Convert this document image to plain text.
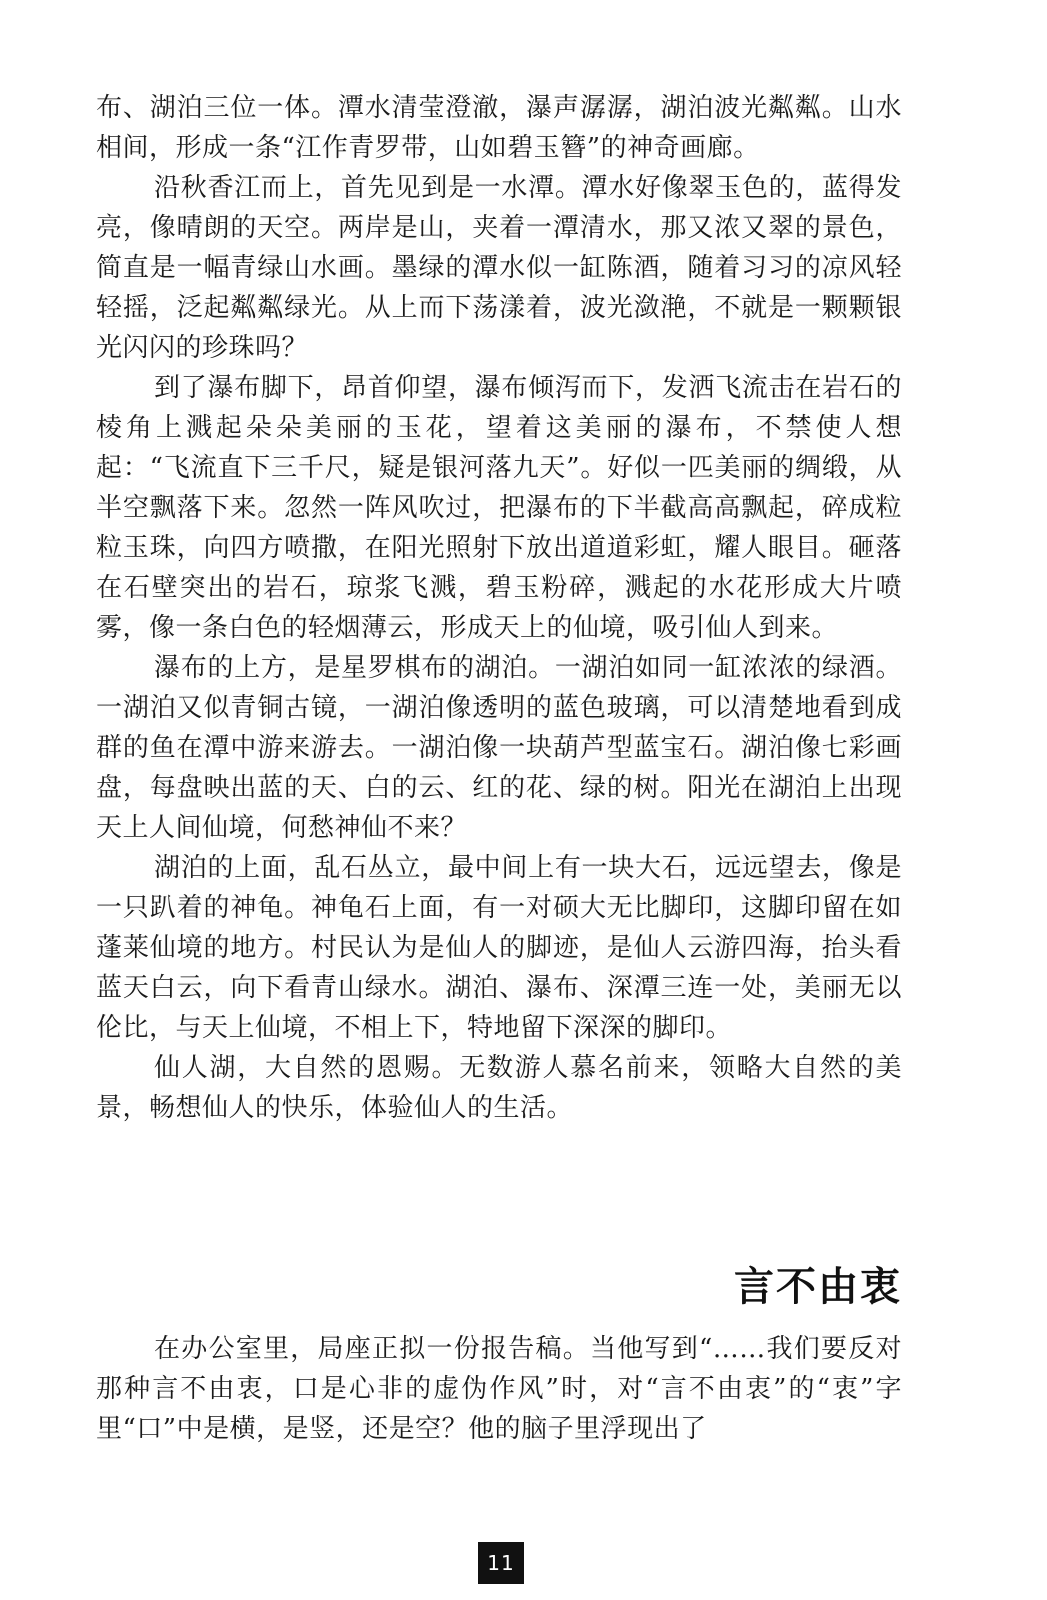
布、湖泊三位一体。潭水清莹澄澈，瀑声潺潺，湖泊波光粼粼。山水相间，形成一条“江作青罗带，山如碧玉簪”的神奇画廊。

沿秋香江而上，首先见到是一水潭。潭水好像翠玉色的，蓝得发亮，像晴朗的天空。两岸是山，夹着一潭清水，那又浓又翠的景色，简直是一幅青绿山水画。墨绿的潭水似一缸陈酒，随着习习的凉风轻轻摇，泛起粼粼绿光。从上而下荡漾着，波光潋滟，不就是一颗颗银光闪闪的珍珠吗？

到了瀑布脚下，昂首仰望，瀑布倾泻而下，发洒飞流击在岩石的棱角上溅起朵朵美丽的玉花，望着这美丽的瀑布，不禁使人想起：“飞流直下三千尺，疑是银河落九天”。好似一匹美丽的绸缎，从半空飘落下来。忽然一阵风吹过，把瀑布的下半截高高飘起，碎成粒粒玉珠，向四方喷撒，在阳光照射下放出道道彩虹，耀人眼目。砸落在石壁突出的岩石，琼浆飞溅，碧玉粉碎，溅起的水花形成大片喷雾，像一条白色的轻烟薄云，形成天上的仙境，吸引仙人到来。

瀑布的上方，是星罗棋布的湖泊。一湖泊如同一缸浓浓的绿酒。一湖泊又似青铜古镜，一湖泊像透明的蓝色玻璃，可以清楚地看到成群的鱼在潭中游来游去。一湖泊像一块葫芦型蓝宝石。湖泊像七彩画盘，每盘映出蓝的天、白的云、红的花、绿的树。阳光在湖泊上出现天上人间仙境，何愁神仙不来？

湖泊的上面，乱石丛立，最中间上有一块大石，远远望去，像是一只趴着的神龟。神龟石上面，有一对硕大无比脚印，这脚印留在如蓬莱仙境的地方。村民认为是仙人的脚迹，是仙人云游四海，抬头看蓝天白云，向下看青山绿水。湖泊、瀑布、深潭三连一处，美丽无以伦比，与天上仙境，不相上下，特地留下深深的脚印。

仙人湖，大自然的恩赐。无数游人慕名前来，领略大自然的美景，畅想仙人的快乐，体验仙人的生活。

言不由衷

在办公室里，局座正拟一份报告稿。当他写到“……我们要反对那种言不由衷，口是心非的虚伪作风”时，对“言不由衷”的“衷”字里“口”中是横，是竖，还是空？他的脑子里浮现出了

11
